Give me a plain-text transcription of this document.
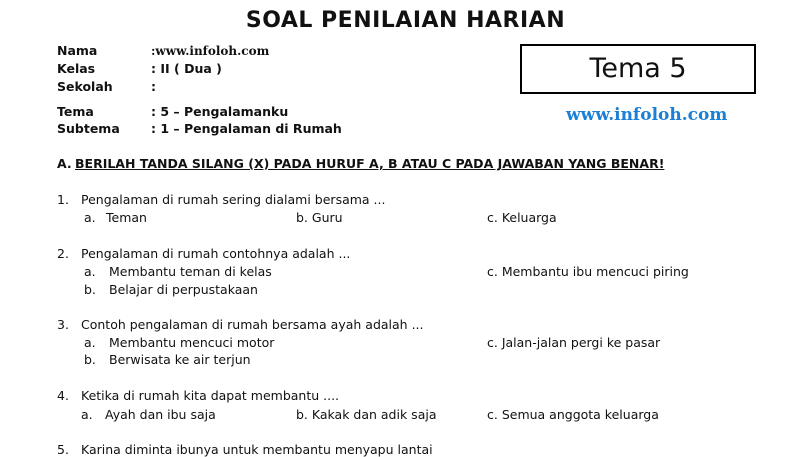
SOAL PENILAIAN HARIAN
Nama	:www.infoloh.com
Kelas	: II ( Dua )
Sekolah	:
Tema	: 5 – Pengalamanku
Subtema : 1 – Pengalaman di Rumah
Tema 5
www.infoloh.com
A. BERILAH TANDA SILANG (X) PADA HURUF A, B ATAU C PADA JAWABAN YANG BENAR!
1. Pengalaman di rumah sering dialami bersama ...
a. Teman	b. Guru	c. Keluarga
2. Pengalaman di rumah contohnya adalah ...
a. Membantu teman di kelas	c. Membantu ibu mencuci piring
b. Belajar di perpustakaan
3. Contoh pengalaman di rumah bersama ayah adalah ...
a. Membantu mencuci motor	c. Jalan-jalan pergi ke pasar
b. Berwisata ke air terjun
4. Ketika di rumah kita dapat membantu ....
a. Ayah dan ibu saja	b. Kakak dan adik saja	c. Semua anggota keluarga
5. Karina diminta ibunya untuk membantu menyapu lantai
